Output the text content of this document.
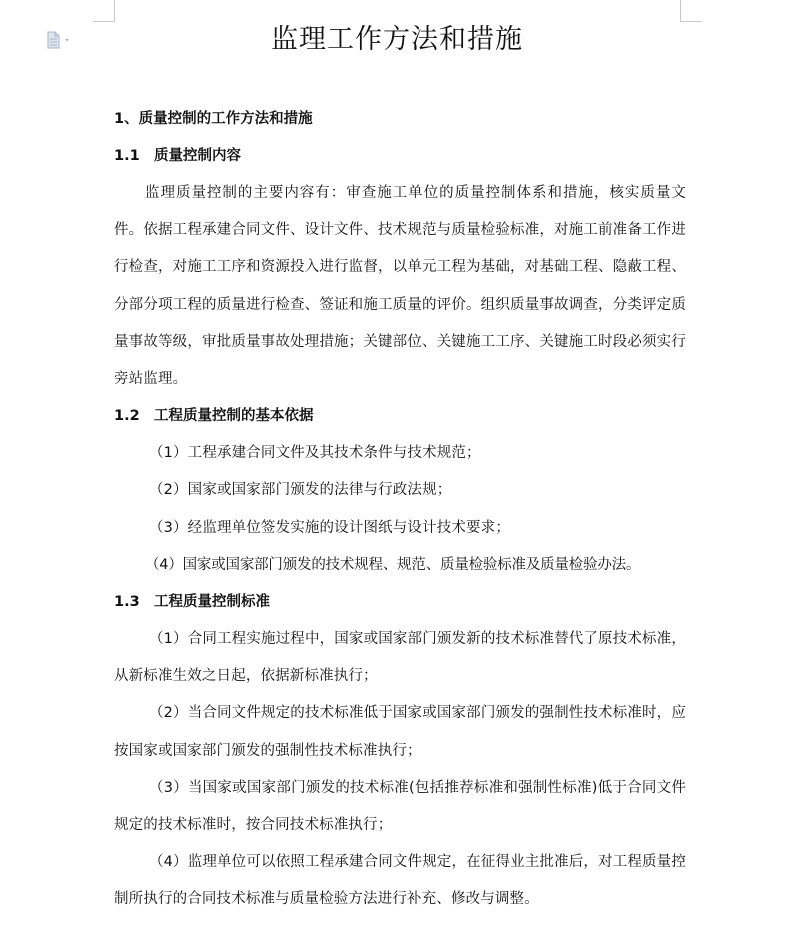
监理工作方法和措施

1、质量控制的工作方法和措施

1.1 质量控制内容

监理质量控制的主要内容有：审查施工单位的质量控制体系和措施，核实质量文件。依据工程承建合同文件、设计文件、技术规范与质量检验标准，对施工前准备工作进行检查，对施工工序和资源投入进行监督，以单元工程为基础，对基础工程、隐蔽工程、分部分项工程的质量进行检查、签证和施工质量的评价。组织质量事故调查，分类评定质量事故等级，审批质量事故处理措施；关键部位、关键施工工序、关键施工时段必须实行旁站监理。

1.2 工程质量控制的基本依据

（1）工程承建合同文件及其技术条件与技术规范；

（2）国家或国家部门颁发的法律与行政法规；

（3）经监理单位签发实施的设计图纸与设计技术要求；

（4）国家或国家部门颁发的技术规程、规范、质量检验标准及质量检验办法。

1.3 工程质量控制标准

（1）合同工程实施过程中，国家或国家部门颁发新的技术标准替代了原技术标准，从新标准生效之日起，依据新标准执行；

（2）当合同文件规定的技术标准低于国家或国家部门颁发的强制性技术标准时，应按国家或国家部门颁发的强制性技术标准执行；

（3）当国家或国家部门颁发的技术标准(包括推荐标准和强制性标准)低于合同文件规定的技术标准时，按合同技术标准执行；

（4）监理单位可以依照工程承建合同文件规定，在征得业主批准后，对工程质量控制所执行的合同技术标准与质量检验方法进行补充、修改与调整。
